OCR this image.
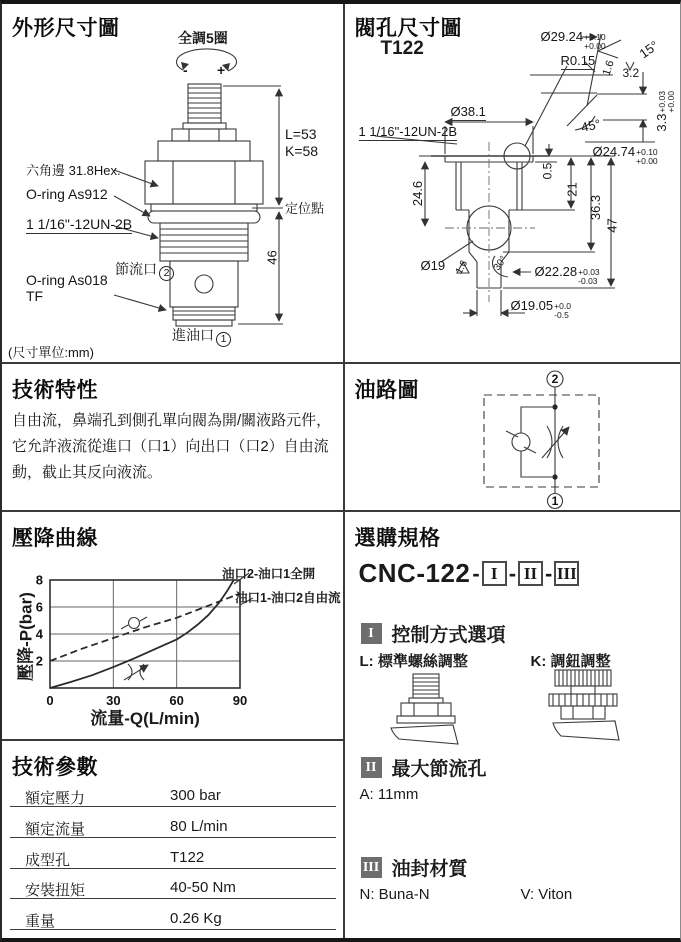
外形尺寸圖	全調5圈
- +
L=53
K=58
六角邊 31.8Hex.
O-ring As912
1 1/16"-12UN-2B
定位點
節流口 2
O-ring As018
TF
46
進油口 1
(尺寸單位:mm)
閥孔尺寸圖
T122
Ø29.24 +0.10
+0.00
R0.15	15°
1.6 3.2
Ø38.1
1 1/16"-12UN-2B	45°	3.3
+0.03 +0.00
Ø24.74 +0.10
+0.00
0.5
24.6	21
36.3
47
Ø19	Ø22.28 +0.03
-0.03
Ø19.05 +0.0
-0.5
1.6 30°
技術特性
自由流，鼻端孔到側孔單向閥為開/關液路元件，它允許液流從進口（口1）向出口（口2）自由流動，截止其反向液流。
油路圖	2
1
壓降曲線
0	30	60	90
2
4
6
8	油口2-油口1全開
油口1-油口2自由流
流量-Q(L/min)
壓降-P(bar)
技術參數
額定壓力	300 bar
額定流量	80 L/min
成型孔	T122
安裝扭矩	40-50 Nm
重量	0.26 Kg
選購規格
CNC-122 - I - II - III
I 控制方式選項
L: 標準螺絲調整	K: 調鈕調整
II 最大節流孔
A: 11mm
III 油封材質
N: Buna-N	V: Viton
